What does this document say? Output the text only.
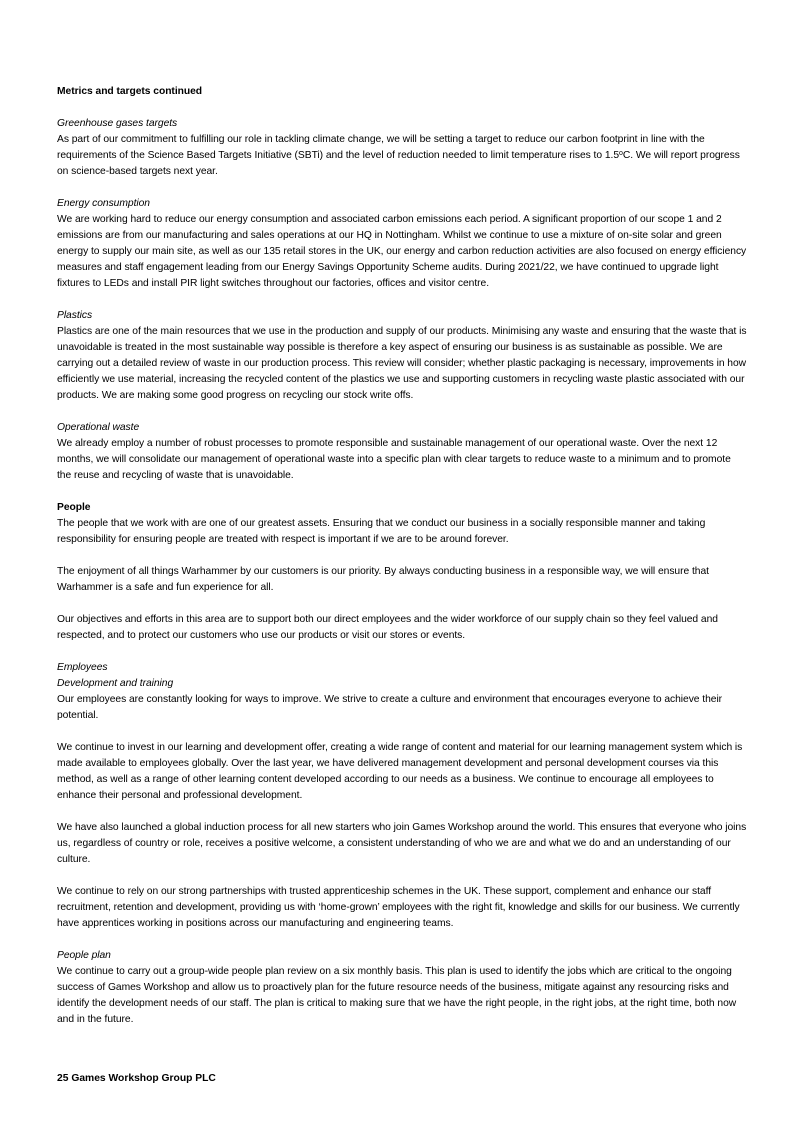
Metrics and targets continued

Greenhouse gases targets

As part of our commitment to fulfilling our role in tackling climate change, we will be setting a target to reduce our carbon footprint in line with the requirements of the Science Based Targets Initiative (SBTi) and the level of reduction needed to limit temperature rises to 1.5$^o$C. We will report progress on science-based targets next year.

Energy consumption

We are working hard to reduce our energy consumption and associated carbon emissions each period. A significant proportion of our scope 1 and 2 emissions are from our manufacturing and sales operations at our HQ in Nottingham. Whilst we continue to use a mixture of on-site solar and green energy to supply our main site, as well as our 135 retail stores in the UK, our energy and carbon reduction activities are also focused on energy efficiency measures and staff engagement leading from our Energy Savings Opportunity Scheme audits. During 2021/22, we have continued to upgrade light fixtures to LEDs and install PIR light switches throughout our factories, offices and visitor centre.

Plastics

Plastics are one of the main resources that we use in the production and supply of our products. Minimising any waste and ensuring that the waste that is unavoidable is treated in the most sustainable way possible is therefore a key aspect of ensuring our business is as sustainable as possible. We are carrying out a detailed review of waste in our production process. This review will consider; whether plastic packaging is necessary, improvements in how efficiently we use material, increasing the recycled content of the plastics we use and supporting customers in recycling waste plastic associated with our products. We are making some good progress on recycling our stock write offs.

Operational waste

We already employ a number of robust processes to promote responsible and sustainable management of our operational waste. Over the next 12 months, we will consolidate our management of operational waste into a specific plan with clear targets to reduce waste to a minimum and to promote the reuse and recycling of waste that is unavoidable.

People

The people that we work with are one of our greatest assets. Ensuring that we conduct our business in a socially responsible manner and taking responsibility for ensuring people are treated with respect is important if we are to be around forever.

The enjoyment of all things Warhammer by our customers is our priority. By always conducting business in a responsible way, we will ensure that Warhammer is a safe and fun experience for all.

Our objectives and efforts in this area are to support both our direct employees and the wider workforce of our supply chain so they feel valued and respected, and to protect our customers who use our products or visit our stores or events.

Employees

Development and training

Our employees are constantly looking for ways to improve. We strive to create a culture and environment that encourages everyone to achieve their potential.

We continue to invest in our learning and development offer, creating a wide range of content and material for our learning management system which is made available to employees globally. Over the last year, we have delivered management development and personal development courses via this method, as well as a range of other learning content developed according to our needs as a business. We continue to encourage all employees to enhance their personal and professional development.

We have also launched a global induction process for all new starters who join Games Workshop around the world. This ensures that everyone who joins us, regardless of country or role, receives a positive welcome, a consistent understanding of who we are and what we do and an understanding of our culture.

We continue to rely on our strong partnerships with trusted apprenticeship schemes in the UK. These support, complement and enhance our staff recruitment, retention and development, providing us with ‘home-grown’ employees with the right fit, knowledge and skills for our business. We currently have apprentices working in positions across our manufacturing and engineering teams.

People plan

We continue to carry out a group-wide people plan review on a six monthly basis. This plan is used to identify the jobs which are critical to the ongoing success of Games Workshop and allow us to proactively plan for the future resource needs of the business, mitigate against any resourcing risks and identify the development needs of our staff. The plan is critical to making sure that we have the right people, in the right jobs, at the right time, both now and in the future.

25 Games Workshop Group PLC
